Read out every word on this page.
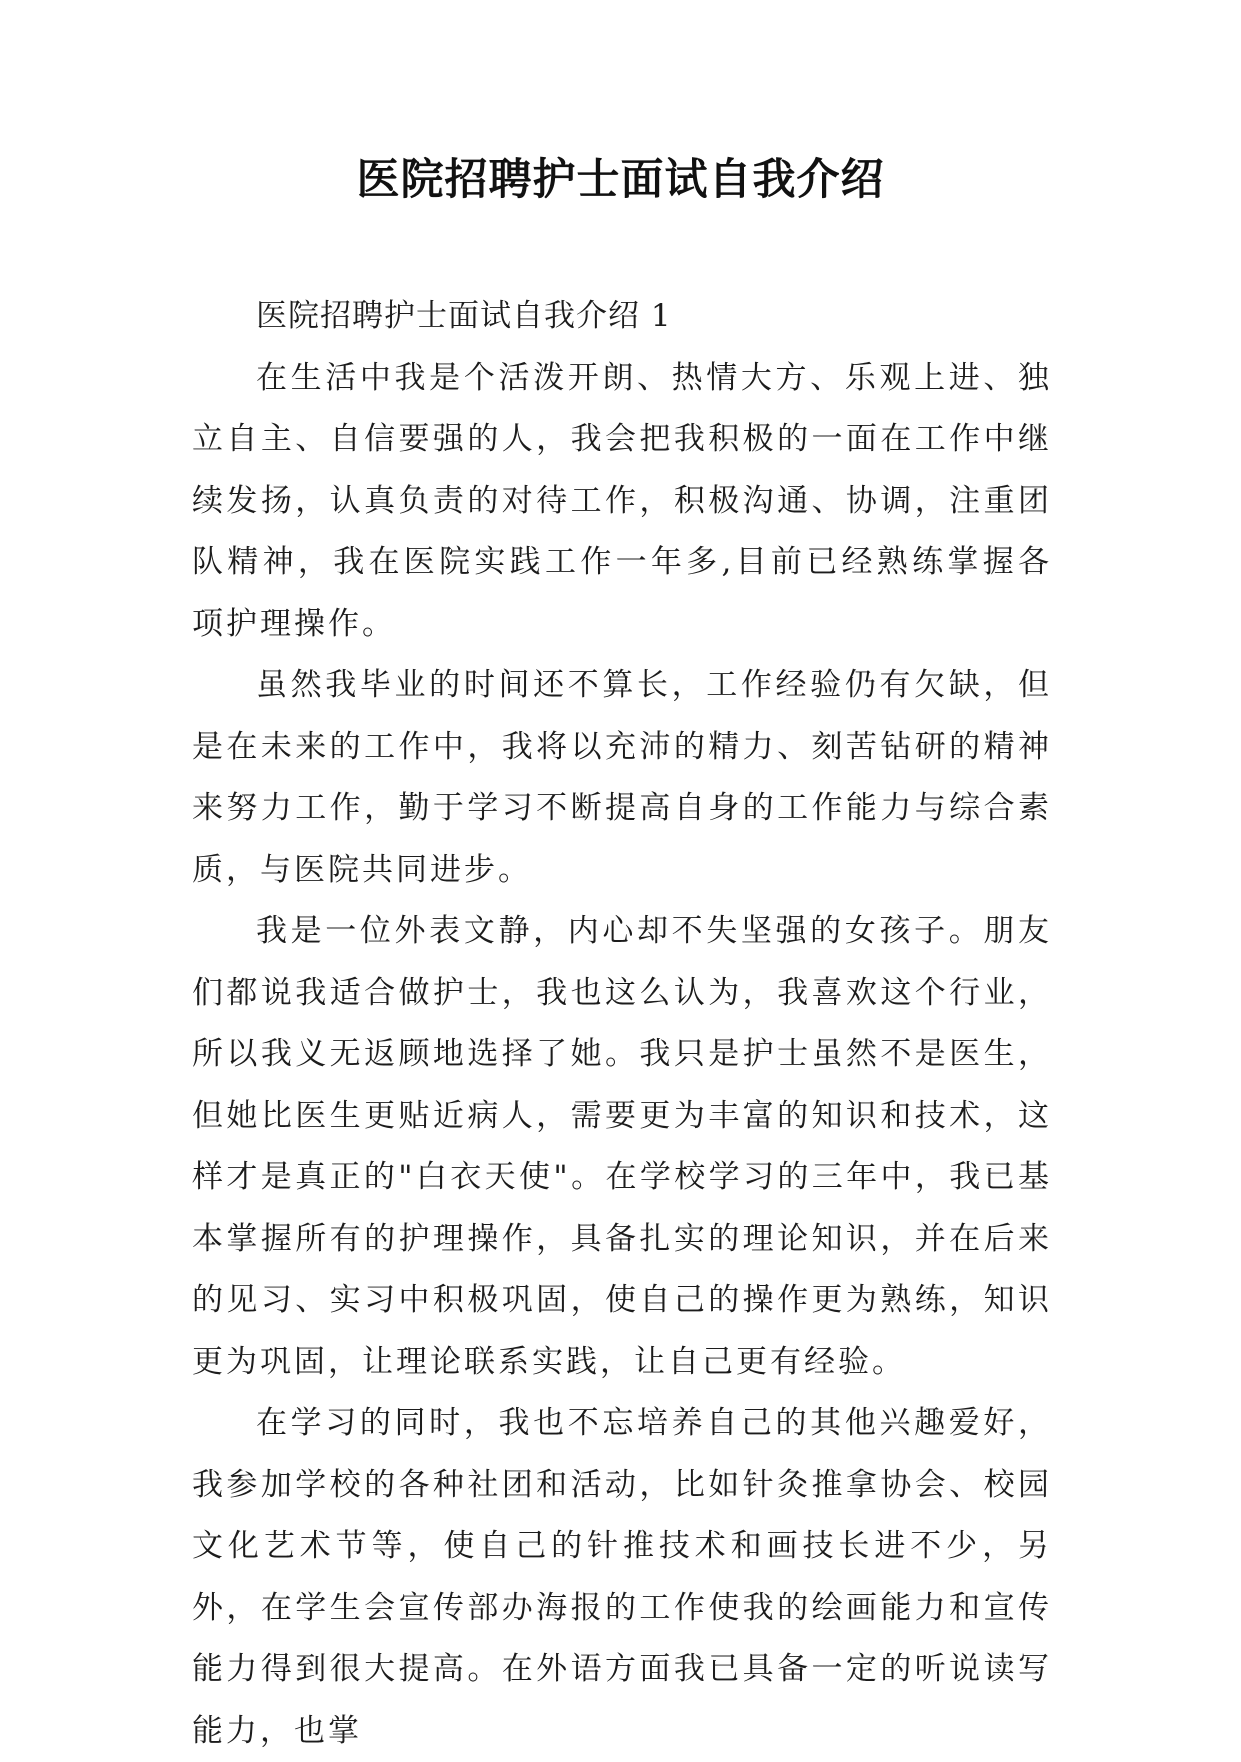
医院招聘护士面试自我介绍

医院招聘护士面试自我介绍 1

在生活中我是个活泼开朗、热情大方、乐观上进、独立自主、自信要强的人，我会把我积极的一面在工作中继续发扬，认真负责的对待工作，积极沟通、协调，注重团队精神，我在医院实践工作一年多,目前已经熟练掌握各项护理操作。

虽然我毕业的时间还不算长，工作经验仍有欠缺，但是在未来的工作中，我将以充沛的精力、刻苦钻研的精神来努力工作，勤于学习不断提高自身的工作能力与综合素质，与医院共同进步。

我是一位外表文静，内心却不失坚强的女孩子。朋友们都说我适合做护士，我也这么认为，我喜欢这个行业，所以我义无返顾地选择了她。我只是护士虽然不是医生，但她比医生更贴近病人，需要更为丰富的知识和技术，这样才是真正的"白衣天使"。在学校学习的三年中，我已基本掌握所有的护理操作，具备扎实的理论知识，并在后来的见习、实习中积极巩固，使自己的操作更为熟练，知识更为巩固，让理论联系实践，让自己更有经验。

在学习的同时，我也不忘培养自己的其他兴趣爱好，我参加学校的各种社团和活动，比如针灸推拿协会、校园文化艺术节等，使自己的针推技术和画技长进不少，另外，在学生会宣传部办海报的工作使我的绘画能力和宣传能力得到很大提高。在外语方面我已具备一定的听说读写能力，也掌
